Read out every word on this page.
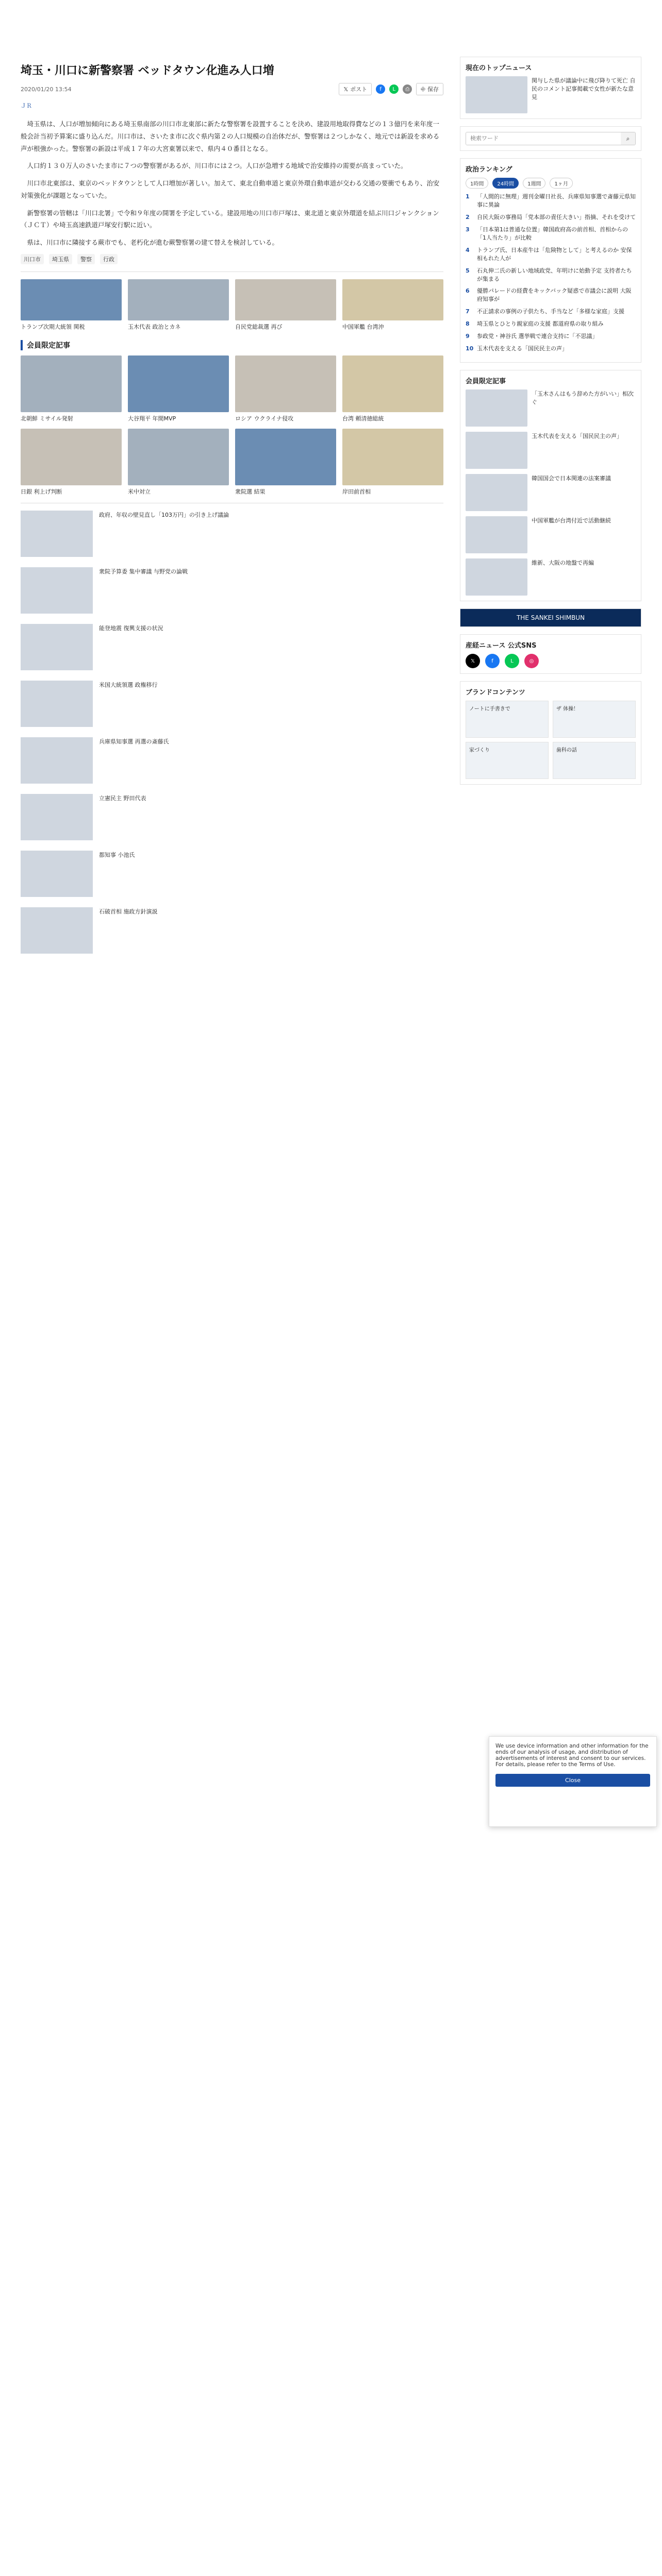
埼玉・川口に新警察署 ベッドタウン化進み人口増
2020/01/20 13:54	𝕏 ポスト	f	L	⎙	⎆ 保存
ＪＲ

埼玉県は、人口が増加傾向にある埼玉県南部の川口市北東部に新たな警察署を設置することを決め、建設用地取得費などの１３億円を来年度一般会計当初予算案に盛り込んだ。川口市は、さいたま市に次ぐ県内第２の人口規模の自治体だが、警察署は２つしかなく、地元では新設を求める声が根強かった。警察署の新設は平成１７年の大宮東署以来で、県内４０番目となる。

人口約１３０万人のさいたま市に７つの警察署があるが、川口市には２つ。人口が急増する地域で治安維持の需要が高まっていた。

川口市北東部は、東京のベッドタウンとして人口増加が著しい。加えて、東北自動車道と東京外環自動車道が交わる交通の要衝でもあり、治安対策強化が課題となっていた。

新警察署の管轄は「川口北署」で令和９年度の開署を予定している。建設用地の川口市戸塚は、東北道と東京外環道を結ぶ川口ジャンクション（ＪＣＴ）や埼玉高速鉄道戸塚安行駅に近い。

県は、川口市に隣接する蕨市でも、老朽化が進む蕨警察署の建て替えを検討している。

川口市	埼玉県	警察	行政
トランプ次期大統領 関税	玉木代表 政治とカネ	自民党総裁選 再び	中国軍艦 台湾沖
会員限定記事
北朝鮮 ミサイル発射	大谷翔平 年間MVP	ロシア ウクライナ侵攻	台湾 頼清徳総統
日銀 利上げ判断	米中対立	衆院選 結果	岸田前首相
政府、年収の壁見直し「103万円」の引き上げ議論
衆院予算委 集中審議 与野党の論戦
能登地震 復興支援の状況
米国大統領選 政権移行
兵庫県知事選 再選の斎藤氏
立憲民主 野田代表
都知事 小池氏
石破首相 施政方針演説
現在のトップニュース
関与した県が議論中に飛び降りて死亡 自民のコメント記事掲載で女性が新たな意見
検索ワード
⌕
政治ランキング
1時間	24時間	1週間	1ヶ月
1	「人間的に無理」週刊金曜日社長、兵庫県知事選で斎藤元県知事に異論
2	自民大阪の事務局「党本部の責任大きい」指摘、それを受けて
3	「日本第1は普通な位置」韓国政府高の前首相、首相からの「1人当たり」が比較
4	トランプ氏、日本産牛は「危険物として」と考えるのか 安保相もれた人が
5	石丸伸二氏の新しい地域政党、年明けに始動予定 支持者たちが集まる
6	優勝パレードの経費をキックバック疑惑で市議会に説明 大阪府知事が
7	不正請求の事例の子供たち、手当など「多様な家庭」支援
8	埼玉県とひとり親家庭の支援 都道府県の取り組み
9	参政党・神谷氏 選挙戦で連合支持に「不思議」
10 玉木代表を支える「国民民主の声」
会員限定記事
「玉木さんはもう辞めた方がいい」相次ぐ
玉木代表を支える「国民民主の声」
韓国国会で日本関連の法案審議
中国軍艦が台湾付近で活動継続
維新、大阪の地盤で再編
THE SANKEI SHIMBUN
産経ニュース 公式SNS
𝕏	f	L	◎
ブランドコンテンツ
ノートに手書きで	ザ 体操！
家づくり	歯科の話
We use device information and other information for the ends of our analysis of usage, and distribution of advertisements of interest and consent to our services. For details, please refer to the Terms of Use.
Close
